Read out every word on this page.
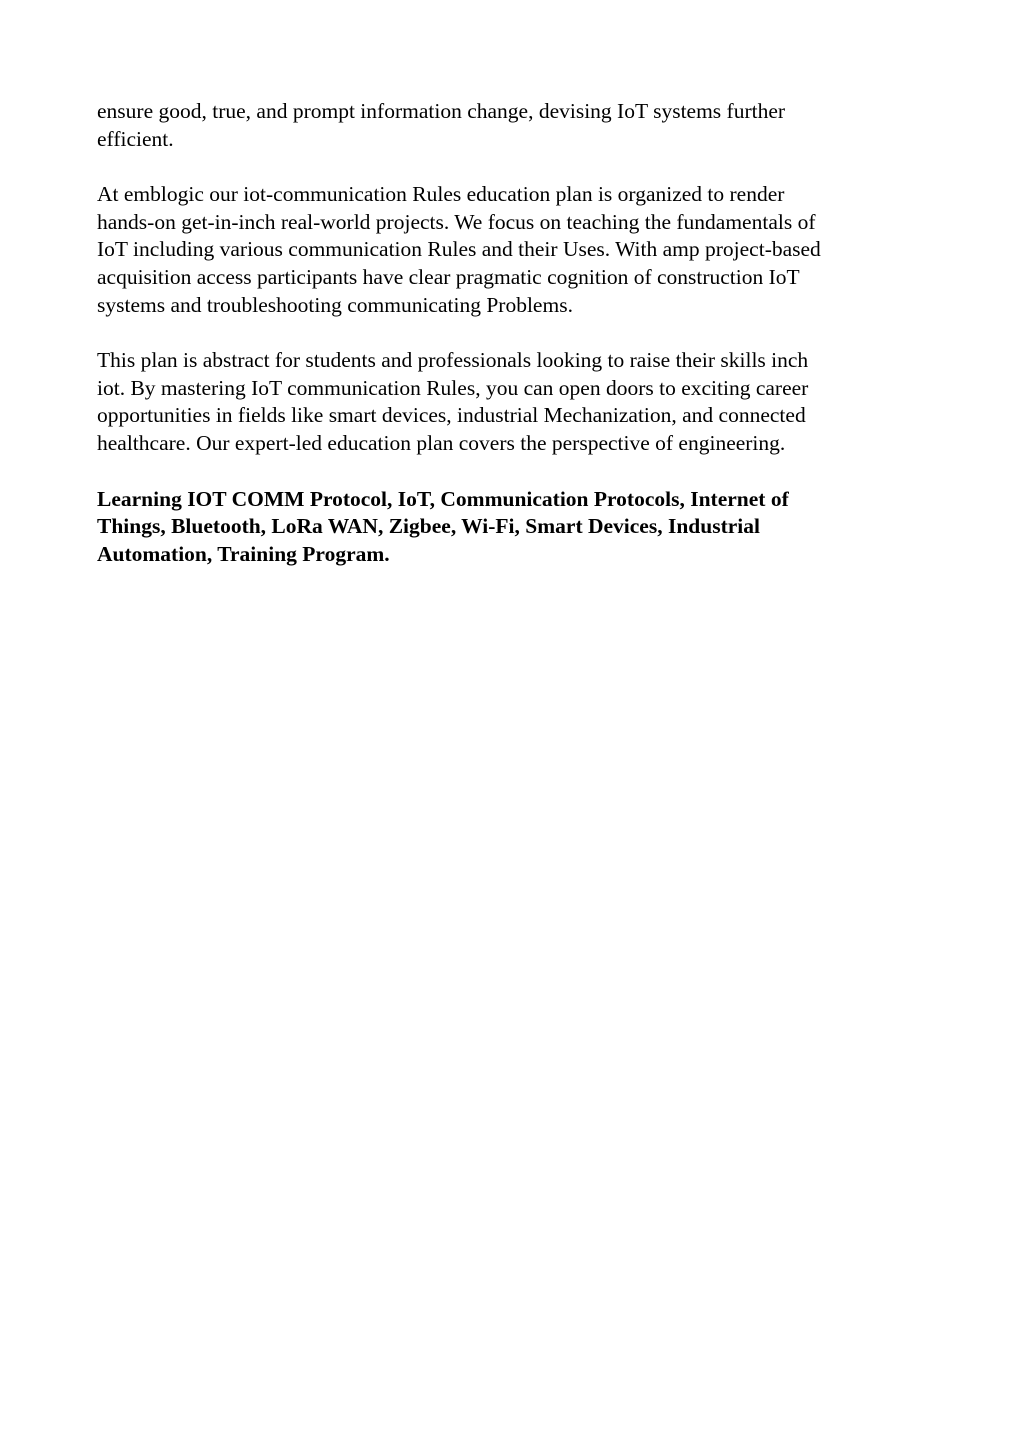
ensure good, true, and prompt information change, devising IoT systems further
efficient.

At emblogic our iot-communication Rules education plan is organized to render
hands-on get-in-inch real-world projects. We focus on teaching the fundamentals of
IoT including various communication Rules and their Uses. With amp project-based
acquisition access participants have clear pragmatic cognition of construction IoT
systems and troubleshooting communicating Problems.

This plan is abstract for students and professionals looking to raise their skills inch
iot. By mastering IoT communication Rules, you can open doors to exciting career
opportunities in fields like smart devices, industrial Mechanization, and connected
healthcare. Our expert-led education plan covers the perspective of engineering.

Learning IOT COMM Protocol, IoT, Communication Protocols, Internet of
Things, Bluetooth, LoRa WAN, Zigbee, Wi-Fi, Smart Devices, Industrial
Automation, Training Program.
